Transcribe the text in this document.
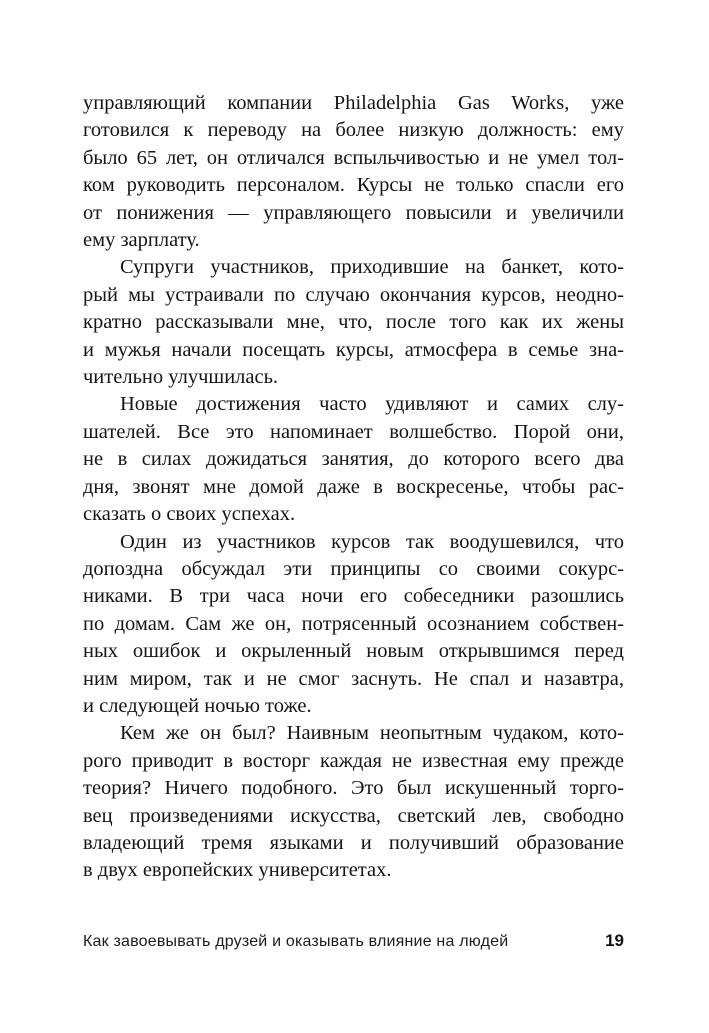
управляющий компании Philadelphia Gas Works, уже
готовился к переводу на более низкую должность: ему
было 65 лет, он отличался вспыльчивостью и не умел тол-
ком руководить персоналом. Курсы не только спасли его
от понижения — управляющего повысили и увеличили
ему зарплату.
Супруги участников, приходившие на банкет, кото-
рый мы устраивали по случаю окончания курсов, неодно-
кратно рассказывали мне, что, после того как их жены
и мужья начали посещать курсы, атмосфера в семье зна-
чительно улучшилась.
Новые достижения часто удивляют и самих слу-
шателей. Все это напоминает волшебство. Порой они,
не в силах дожидаться занятия, до которого всего два
дня, звонят мне домой даже в воскресенье, чтобы рас-
сказать о своих успехах.
Один из участников курсов так воодушевился, что
допоздна обсуждал эти принципы со своими сокурс-
никами. В три часа ночи его собеседники разошлись
по домам. Сам же он, потрясенный осознанием собствен-
ных ошибок и окрыленный новым открывшимся перед
ним миром, так и не смог заснуть. Не спал и назавтра,
и следующей ночью тоже.
Кем же он был? Наивным неопытным чудаком, кото-
рого приводит в восторг каждая не известная ему прежде
теория? Ничего подобного. Это был искушенный торго-
вец произведениями искусства, светский лев, свободно
владеющий тремя языками и получивший образование
в двух европейских университетах.
Как завоевывать друзей и оказывать влияние на людей	19
